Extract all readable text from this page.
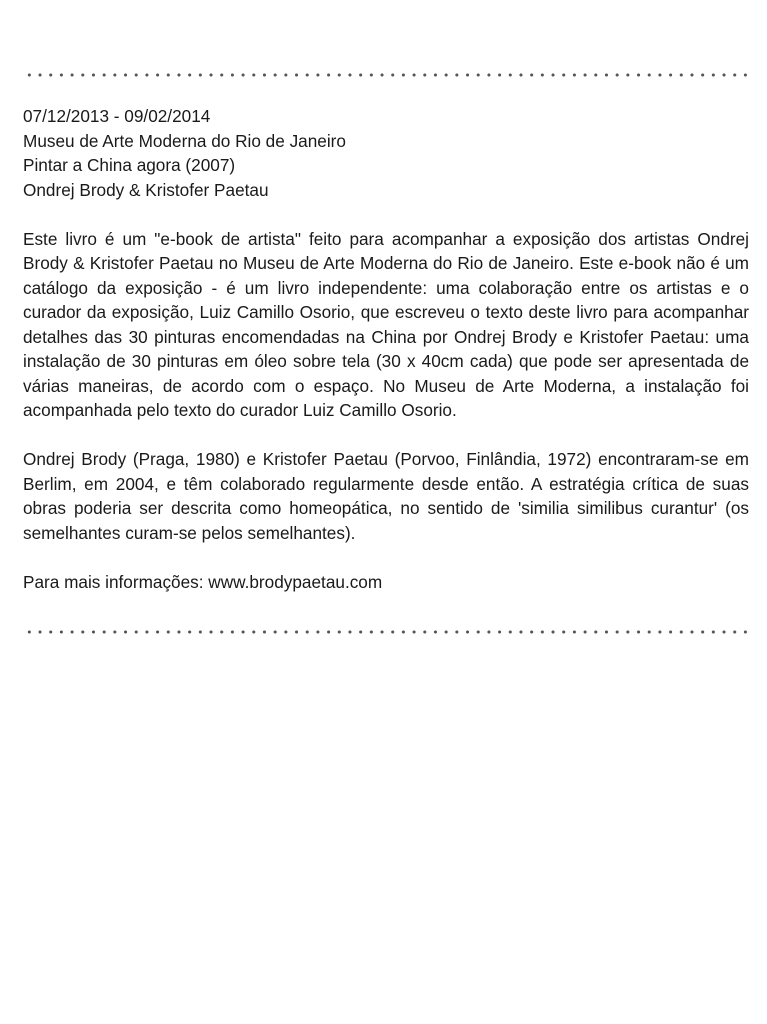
07/12/2013 - 09/02/2014
Museu de Arte Moderna do Rio de Janeiro
Pintar a China agora (2007)
Ondrej Brody & Kristofer Paetau

Este livro é um "e-book de artista" feito para acompanhar a exposição dos artistas Ondrej Brody & Kristofer Paetau no Museu de Arte Moderna do Rio de Janeiro. Este e-book não é um catálogo da exposição - é um livro independente: uma colaboração entre os artistas e o curador da exposição, Luiz Camillo Osorio, que escreveu o texto deste livro para acompanhar detalhes das 30 pinturas encomendadas na China por Ondrej Brody e Kristofer Paetau: uma instalação de 30 pinturas em óleo sobre tela (30 x 40cm cada) que pode ser apresentada de várias maneiras, de acordo com o espaço. No Museu de Arte Moderna, a instalação foi acompanhada pelo texto do curador Luiz Camillo Osorio.

Ondrej Brody (Praga, 1980) e Kristofer Paetau (Porvoo, Finlândia, 1972) encontraram-se em Berlim, em 2004, e têm colaborado regularmente desde então. A estratégia crítica de suas obras poderia ser descrita como homeopática, no sentido de 'similia similibus curantur' (os semelhantes curam-se pelos semelhantes).

Para mais informações: www.brodypaetau.com
